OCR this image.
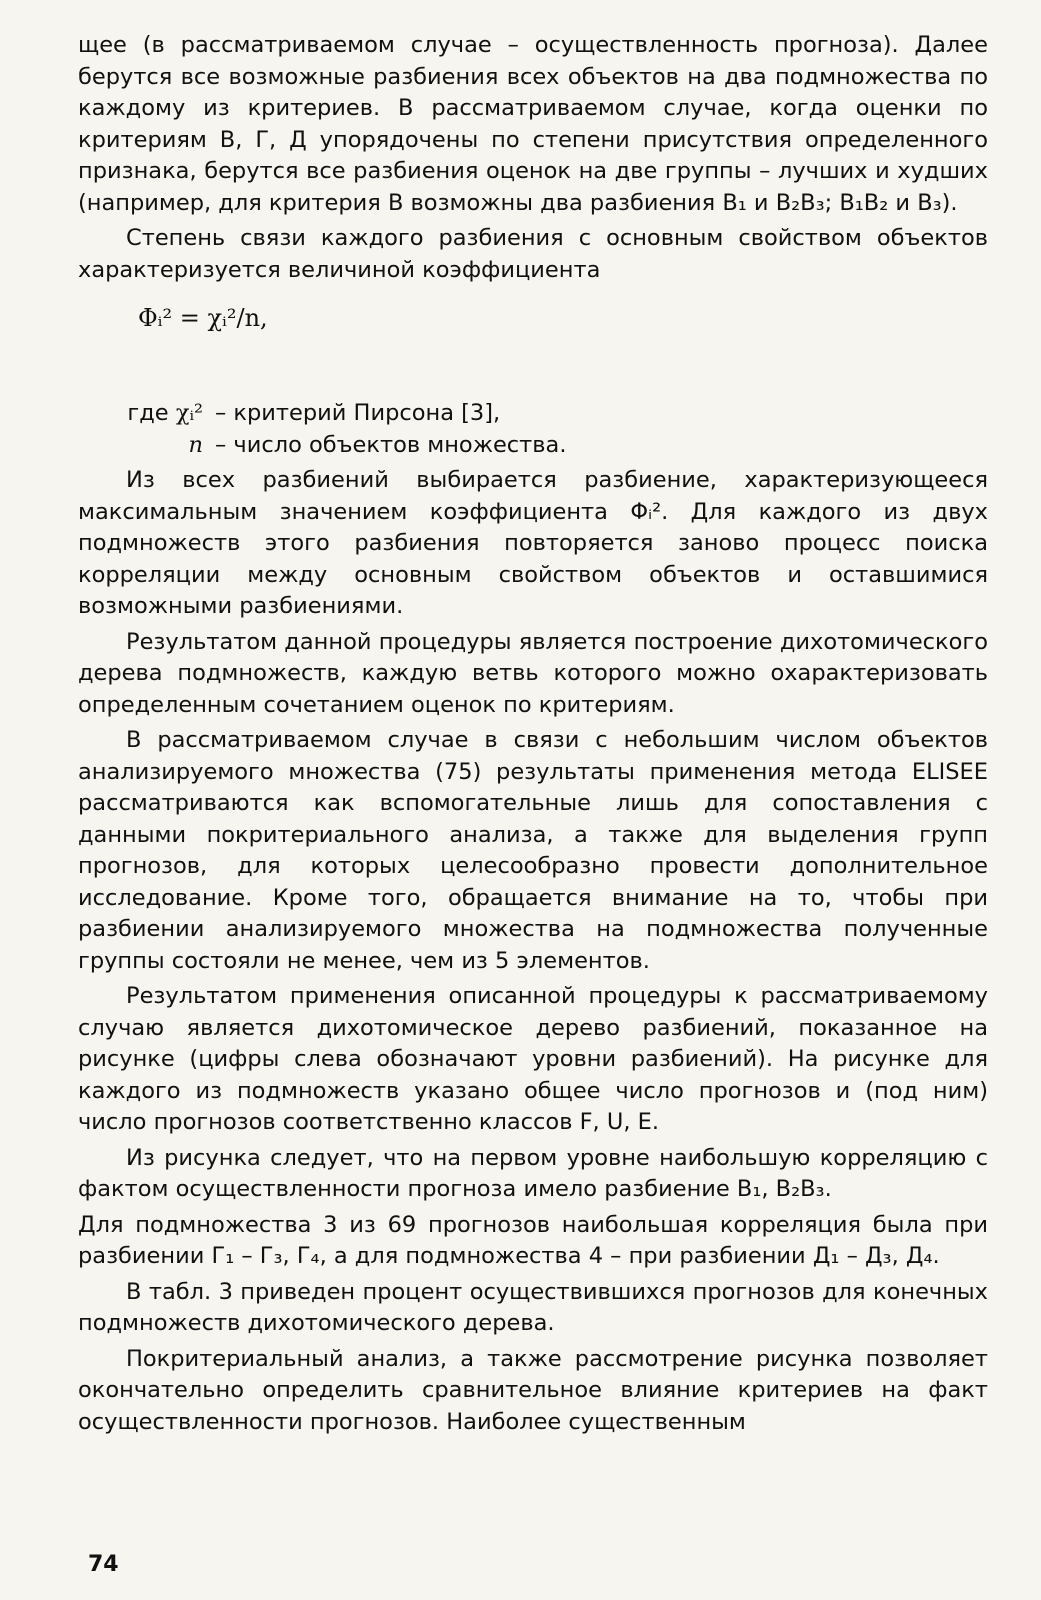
щее (в рассматриваемом случае – осуществленность прогноза). Далее берутся все возможные разбиения всех объектов на два подмножества по каждому из критериев. В рассматриваемом случае, когда оценки по критериям В, Г, Д упорядочены по степени присутствия определенного признака, берутся все разбиения оценок на две группы – лучших и худших (например, для критерия В возможны два разбиения В₁ и В₂В₃; В₁В₂ и В₃).

Степень связи каждого разбиения с основным свойством объектов характеризуется величиной коэффициента

Φᵢ² = χᵢ²/n,
где χᵢ² – критерий Пирсона [3],
n – число объектов множества.

Из всех разбиений выбирается разбиение, характеризующееся максимальным значением коэффициента Φᵢ². Для каждого из двух подмножеств этого разбиения повторяется заново процесс поиска корреляции между основным свойством объектов и оставшимися возможными разбиениями.

Результатом данной процедуры является построение дихотомического дерева подмножеств, каждую ветвь которого можно охарактеризовать определенным сочетанием оценок по критериям.

В рассматриваемом случае в связи с небольшим числом объектов анализируемого множества (75) результаты применения метода ELISEE рассматриваются как вспомогательные лишь для сопоставления с данными покритериального анализа, а также для выделения групп прогнозов, для которых целесообразно провести дополнительное исследование. Кроме того, обращается внимание на то, чтобы при разбиении анализируемого множества на подмножества полученные группы состояли не менее, чем из 5 элементов.

Результатом применения описанной процедуры к рассматриваемому случаю является дихотомическое дерево разбиений, показанное на рисунке (цифры слева обозначают уровни разбиений). На рисунке для каждого из подмножеств указано общее число прогнозов и (под ним) число прогнозов соответственно классов F, U, E.

Из рисунка следует, что на первом уровне наибольшую корреляцию с фактом осуществленности прогноза имело разбиение В₁, В₂В₃.

Для подмножества 3 из 69 прогнозов наибольшая корреляция была при разбиении Г₁ – Г₃, Г₄, а для подмножества 4 – при разбиении Д₁ – Д₃, Д₄.

В табл. 3 приведен процент осуществившихся прогнозов для конечных подмножеств дихотомического дерева.

Покритериальный анализ, а также рассмотрение рисунка позволяет окончательно определить сравнительное влияние критериев на факт осуществленности прогнозов. Наиболее существенным

74
